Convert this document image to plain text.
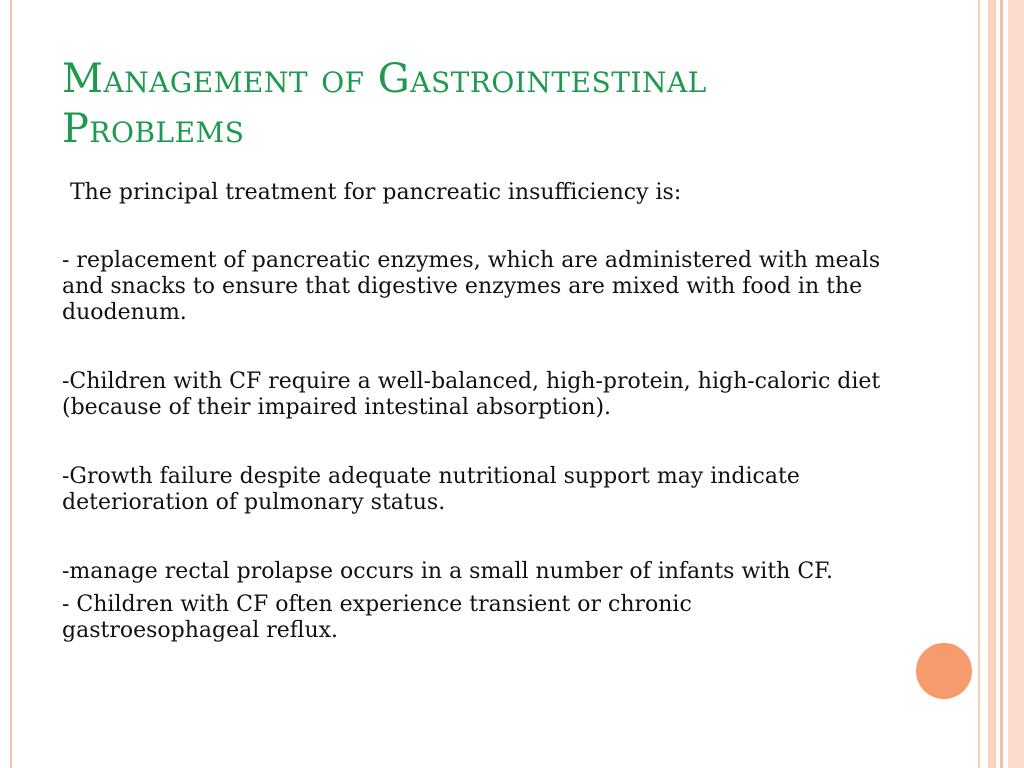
Management of Gastrointestinal Problems

The principal treatment for pancreatic insufficiency is:

- replacement of pancreatic enzymes, which are administered with meals and snacks to ensure that digestive enzymes are mixed with food in the duodenum.

-Children with CF require a well-balanced, high-protein, high-caloric diet (because of their impaired intestinal absorption).

-Growth failure despite adequate nutritional support may indicate deterioration of pulmonary status.

-manage rectal prolapse occurs in a small number of infants with CF.

- Children with CF often experience transient or chronic gastroesophageal reflux.
